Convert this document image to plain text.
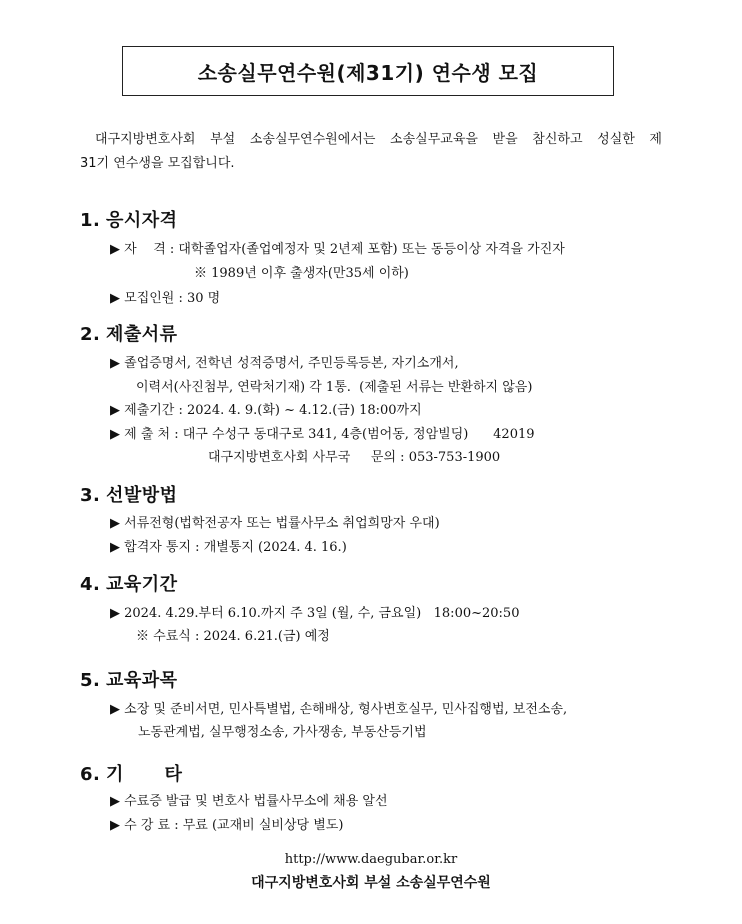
소송실무연수원(제31기) 연수생 모집
대구지방변호사회 부설 소송실무연수원에서는 소송실무교육을 받을 참신하고 성실한 제
31기 연수생을 모집합니다.
1. 응시자격
▶ 자    격 : 대학졸업자(졸업예정자 및 2년제 포함) 또는 동등이상 자격을 가진자
※ 1989년 이후 출생자(만35세 이하)
▶ 모집인원 : 30 명
2. 제출서류
▶ 졸업증명서, 전학년 성적증명서, 주민등록등본, 자기소개서,
이력서(사진첨부, 연락처기재) 각 1통.  (제출된 서류는 반환하지 않음)
▶ 제출기간 : 2024. 4. 9.(화) ~ 4.12.(금) 18:00까지
▶ 제 출 처 : 대구 수성구 동대구로 341, 4층(범어동, 정암빌딩)      42019
대구지방변호사회 사무국     문의 : 053-753-1900
3. 선발방법
▶ 서류전형(법학전공자 또는 법률사무소 취업희망자 우대)
▶ 합격자 통지 : 개별통지 (2024. 4. 16.)
4. 교육기간
▶ 2024. 4.29.부터 6.10.까지 주 3일 (월, 수, 금요일)   18:00~20:50
※ 수료식 : 2024. 6.21.(금) 예정
5. 교육과목
▶ 소장 및 준비서면, 민사특별법, 손해배상, 형사변호실무, 민사집행법, 보전소송,
노동관계법, 실무행정소송, 가사쟁송, 부동산등기법
6. 기      타
▶ 수료증 발급 및 변호사 법률사무소에 채용 알선
▶ 수 강 료 : 무료 (교재비 실비상당 별도)
http://www.daegubar.or.kr
대구지방변호사회 부설 소송실무연수원
